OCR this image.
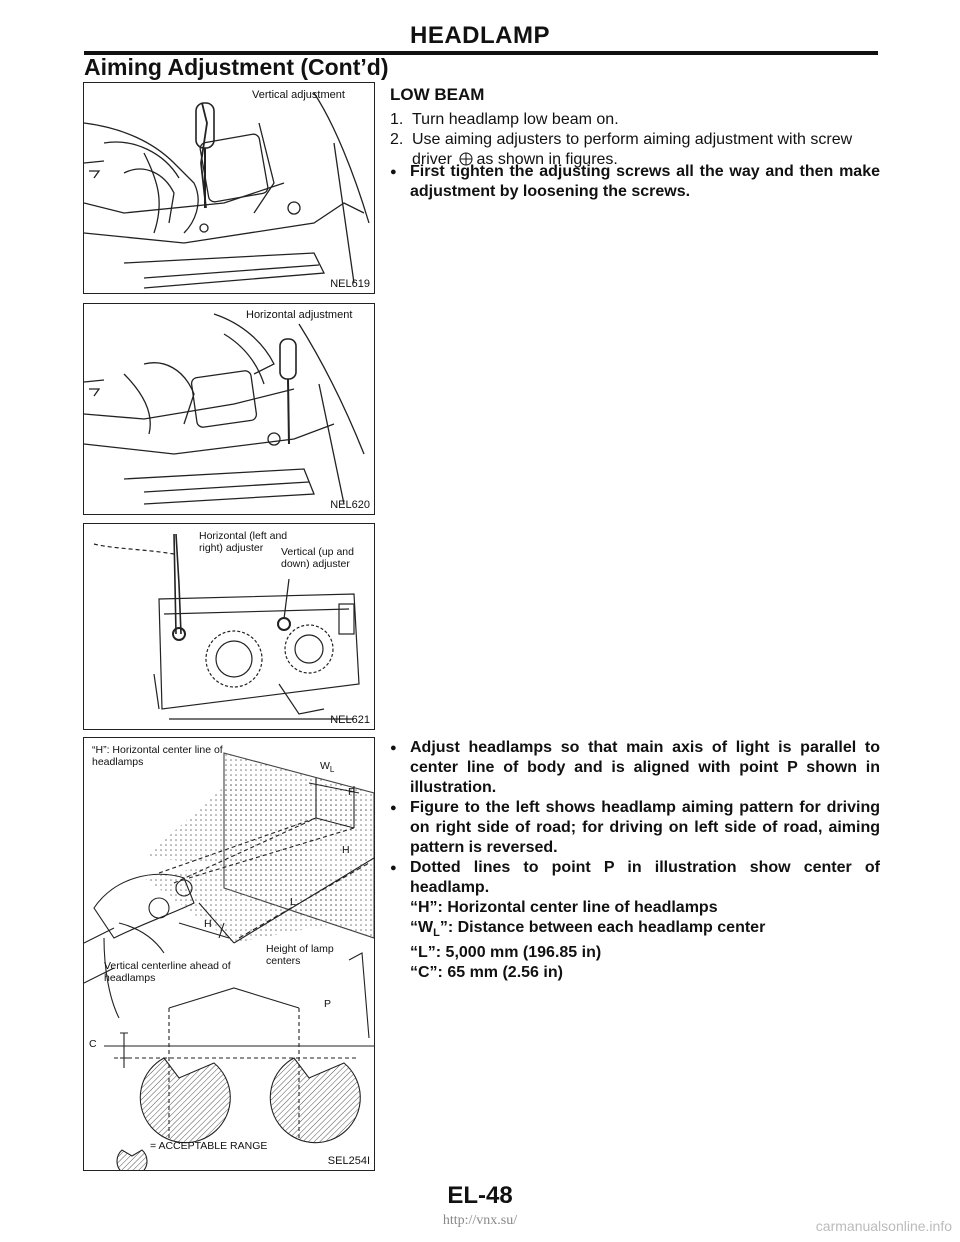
HEADLAMP
Aiming Adjustment (Cont’d)
Vertical adjustment
NEL619
Horizontal adjustment
NEL620
Horizontal (left and right) adjuster	Vertical (up and down) adjuster
NEL621
“H”: Horizontal center line of headlamps	$W_L$
P
H
L
H
Height of lamp centers
Vertical centerline ahead of headlamps
P
C
= ACCEPTABLE RANGE
SEL254I
LOW BEAM
1. Turn headlamp low beam on.
2. Use aiming adjusters to perform aiming adjustment with screw driver as shown in figures.
● First tighten the adjusting screws all the way and then make adjustment by loosening the screws.
● Adjust headlamps so that main axis of light is parallel to center line of body and is aligned with point P shown in illustration.
● Figure to the left shows headlamp aiming pattern for driving on right side of road; for driving on left side of road, aiming pattern is reversed.
● Dotted lines to point P in illustration show center of headlamp.
“H”: Horizontal center line of headlamps
“$W_L$”: Distance between each headlamp center
“L”: 5,000 mm (196.85 in)
“C”: 65 mm (2.56 in)
EL-48
http://vnx.su/	carmanualsonline.info
